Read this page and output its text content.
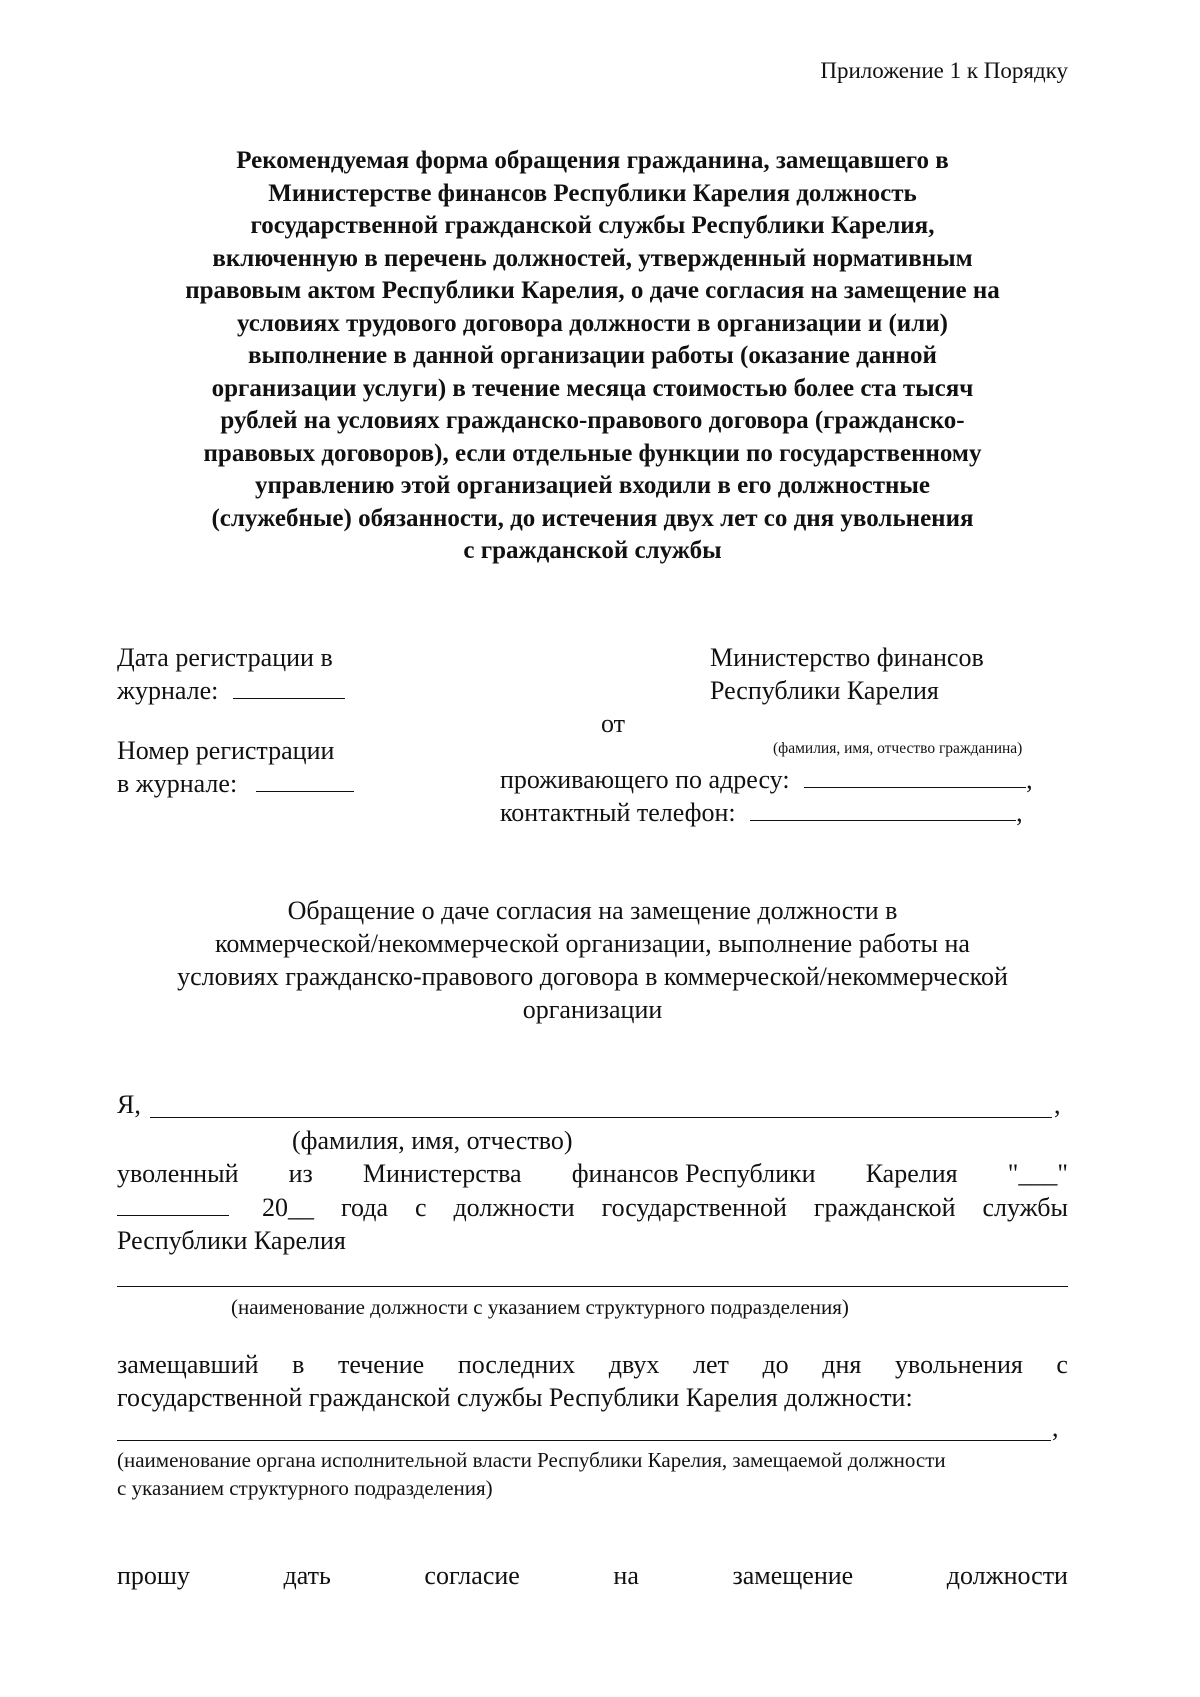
Приложение 1 к Порядку
Рекомендуемая форма обращения гражданина, замещавшего в
Министерстве финансов Республики Карелия должность
государственной гражданской службы Республики Карелия,
включенную в перечень должностей, утвержденный нормативным
правовым актом Республики Карелия, о даче согласия на замещение на
условиях трудового договора должности в организации и (или)
выполнение в данной организации работы (оказание данной
организации услуги) в течение месяца стоимостью более ста тысяч
рублей на условиях гражданско-правового договора (гражданско-
правовых договоров), если отдельные функции по государственному
управлению этой организацией входили в его должностные
(служебные) обязанности, до истечения двух лет со дня увольнения
с гражданской службы
Дата регистрации в
журнале:
Номер регистрации
в журнале:
Министерство финансов
Республики Карелия
от
(фамилия, имя, отчество гражданина)
проживающего по адресу:	,
контактный телефон:	,
Обращение о даче согласия на замещение должности в
коммерческой/некоммерческой организации, выполнение работы на
условиях гражданско-правового договора в коммерческой/некоммерческой
организации
Я,	,
(фамилия, имя, отчество)
уволенный из Министерства финансов Республики Карелия "___"
20__ года с должности государственной гражданской службы
Республики Карелия
(наименование должности с указанием структурного подразделения)
замещавший в течение последних двух лет до дня увольнения с
государственной гражданской службы Республики Карелия должности:
,
(наименование органа исполнительной власти Республики Карелия, замещаемой должности
с указанием структурного подразделения)
прошу	дать	согласие	на	замещение	должности
